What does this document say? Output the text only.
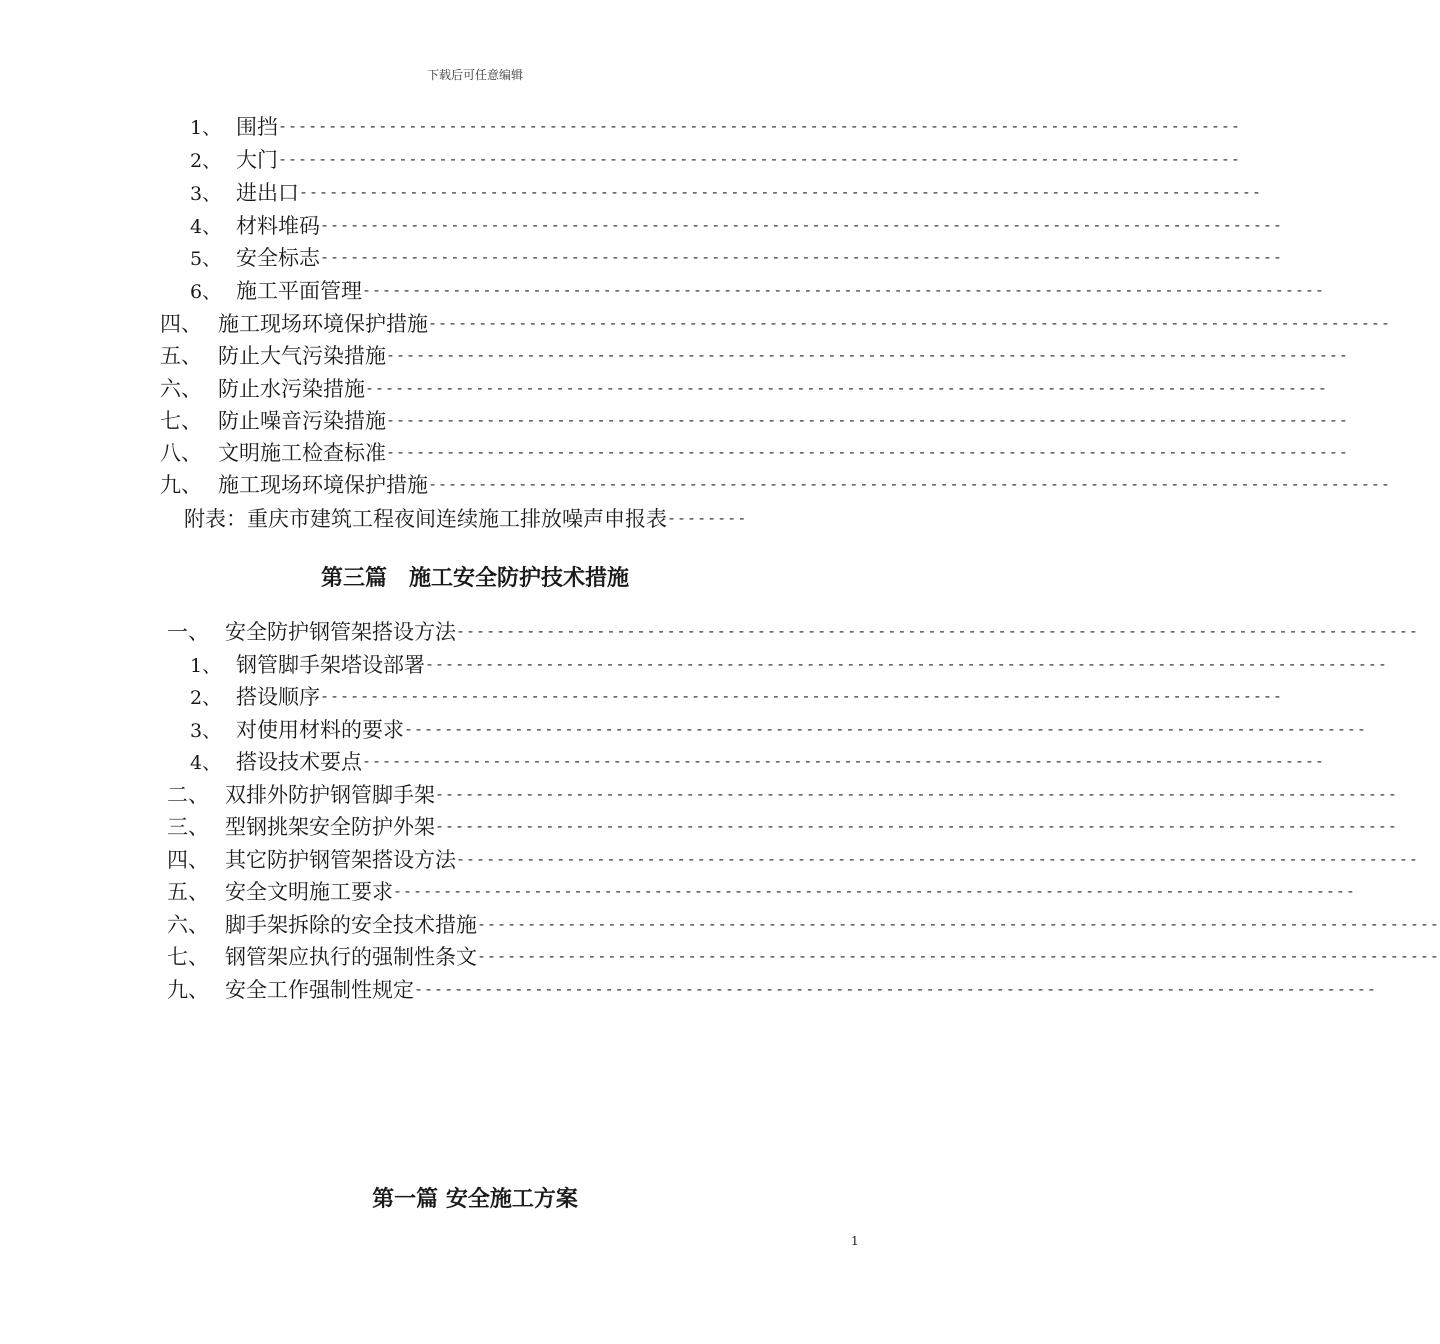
下载后可任意编辑
1、 围挡 ------------------------------------------------------------------------------------------------
2、 大门 ------------------------------------------------------------------------------------------------
3、 进出口 ------------------------------------------------------------------------------------------------
4、 材料堆码 ------------------------------------------------------------------------------------------------
5、 安全标志 ------------------------------------------------------------------------------------------------
6、 施工平面管理 ------------------------------------------------------------------------------------------------
四、 施工现场环境保护措施 ------------------------------------------------------------------------------------------------
五、 防止大气污染措施 ------------------------------------------------------------------------------------------------
六、 防止水污染措施 ------------------------------------------------------------------------------------------------
七、 防止噪音污染措施 ------------------------------------------------------------------------------------------------
八、 文明施工检查标准 ------------------------------------------------------------------------------------------------
九、 施工现场环境保护措施 ------------------------------------------------------------------------------------------------
附表：重庆市建筑工程夜间连续施工排放噪声申报表 --------
第三篇　施工安全防护技术措施
一、 安全防护钢管架搭设方法 ------------------------------------------------------------------------------------------------
1、 钢管脚手架塔设部署 ------------------------------------------------------------------------------------------------
2、 搭设顺序 ------------------------------------------------------------------------------------------------
3、 对使用材料的要求 ------------------------------------------------------------------------------------------------
4、 搭设技术要点 ------------------------------------------------------------------------------------------------
二、 双排外防护钢管脚手架 ------------------------------------------------------------------------------------------------
三、 型钢挑架安全防护外架 ------------------------------------------------------------------------------------------------
四、 其它防护钢管架搭设方法 ------------------------------------------------------------------------------------------------
五、 安全文明施工要求 ------------------------------------------------------------------------------------------------
六、 脚手架拆除的安全技术措施 ------------------------------------------------------------------------------------------------
七、 钢管架应执行的强制性条文 ------------------------------------------------------------------------------------------------
九、 安全工作强制性规定 ------------------------------------------------------------------------------------------------
第一篇 安全施工方案
1
